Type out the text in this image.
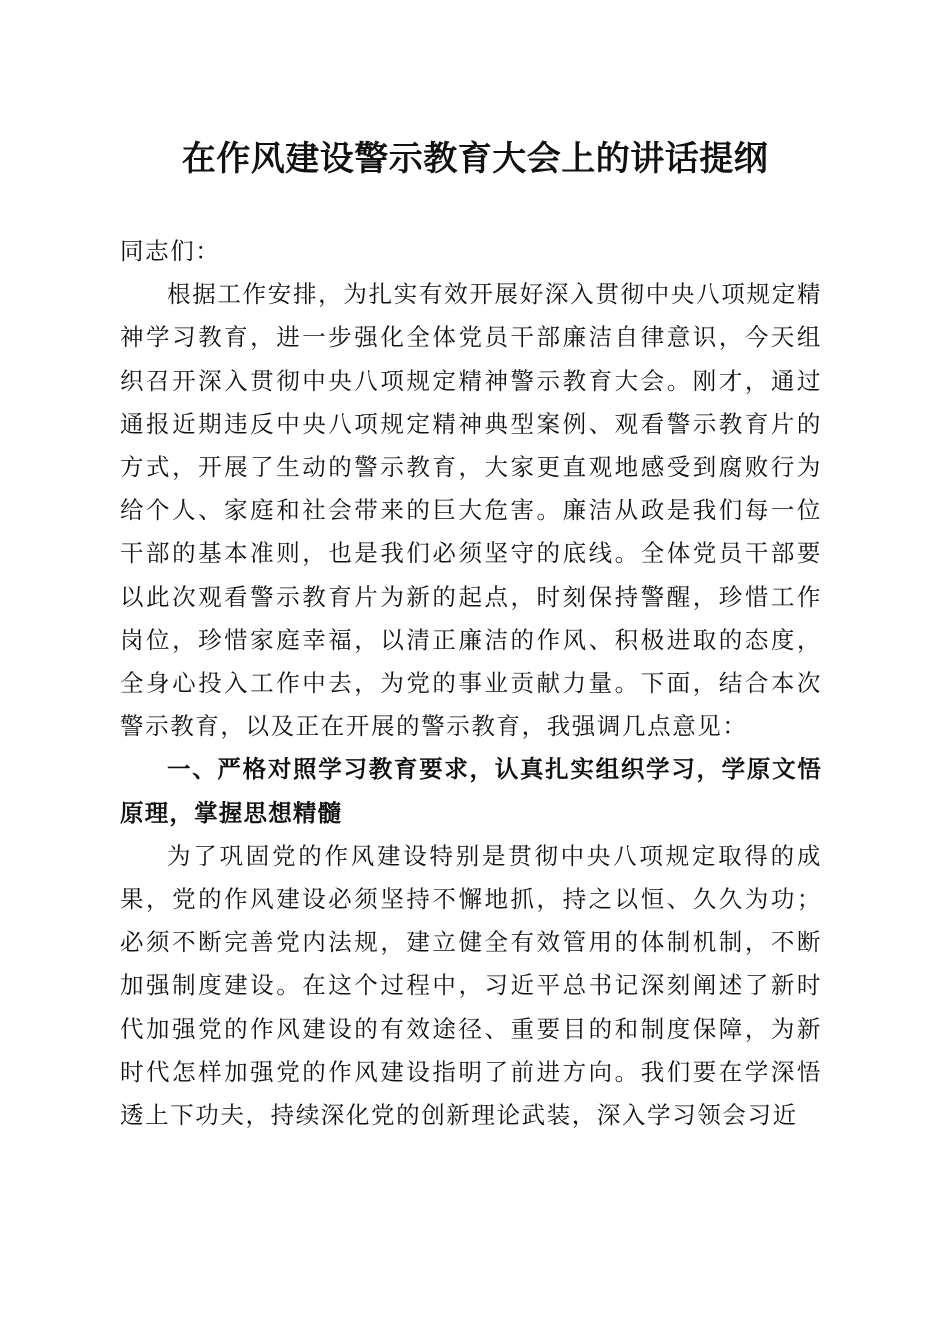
在作风建设警示教育大会上的讲话提纲

同志们：

根据工作安排，为扎实有效开展好深入贯彻中央八项规定精神学习教育，进一步强化全体党员干部廉洁自律意识，今天组织召开深入贯彻中央八项规定精神警示教育大会。刚才，通过通报近期违反中央八项规定精神典型案例、观看警示教育片的方式，开展了生动的警示教育，大家更直观地感受到腐败行为给个人、家庭和社会带来的巨大危害。廉洁从政是我们每一位干部的基本准则，也是我们必须坚守的底线。全体党员干部要以此次观看警示教育片为新的起点，时刻保持警醒，珍惜工作岗位，珍惜家庭幸福，以清正廉洁的作风、积极进取的态度，全身心投入工作中去，为党的事业贡献力量。下面，结合本次警示教育，以及正在开展的警示教育，我强调几点意见：

一、严格对照学习教育要求，认真扎实组织学习，学原文悟原理，掌握思想精髓

为了巩固党的作风建设特别是贯彻中央八项规定取得的成果，党的作风建设必须坚持不懈地抓，持之以恒、久久为功；必须不断完善党内法规，建立健全有效管用的体制机制，不断加强制度建设。在这个过程中，习近平总书记深刻阐述了新时代加强党的作风建设的有效途径、重要目的和制度保障，为新时代怎样加强党的作风建设指明了前进方向。我们要在学深悟透上下功夫，持续深化党的创新理论武装，深入学习领会习近
